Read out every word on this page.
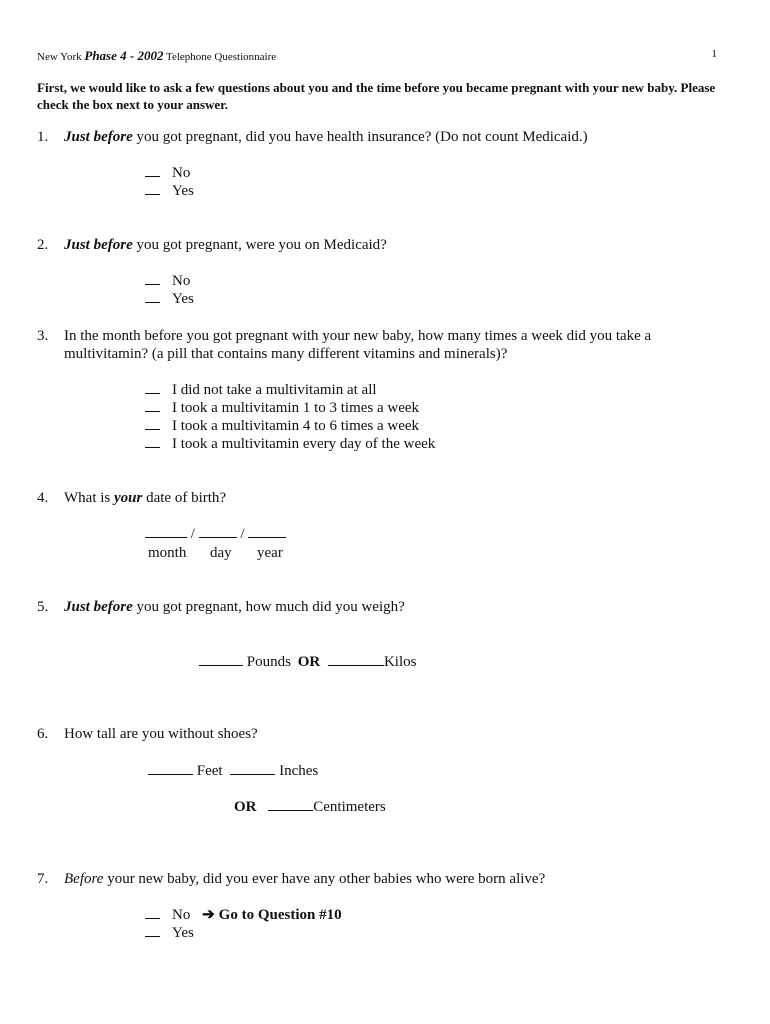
New York Phase 4 - 2002 Telephone Questionnaire	1
First, we would like to ask a few questions about you and the time before you became pregnant with your new baby. Please check the box next to your answer.
1. Just before you got pregnant, did you have health insurance? (Do not count Medicaid.)
No
Yes
2. Just before you got pregnant, were you on Medicaid?
No
Yes
3. In the month before you got pregnant with your new baby, how many times a week did you take a multivitamin? (a pill that contains many different vitamins and minerals)?
I did not take a multivitamin at all
I took a multivitamin 1 to 3 times a week
I took a multivitamin 4 to 6 times a week
I took a multivitamin every day of the week
4. What is your date of birth?
/	/
month day year
5. Just before you got pregnant, how much did you weigh?
Pounds OR	Kilos
6. How tall are you without shoes?
Feet	Inches
OR	Centimeters
7. Before your new baby, did you ever have any other babies who were born alive?
No ➔ Go to Question #10
Yes
